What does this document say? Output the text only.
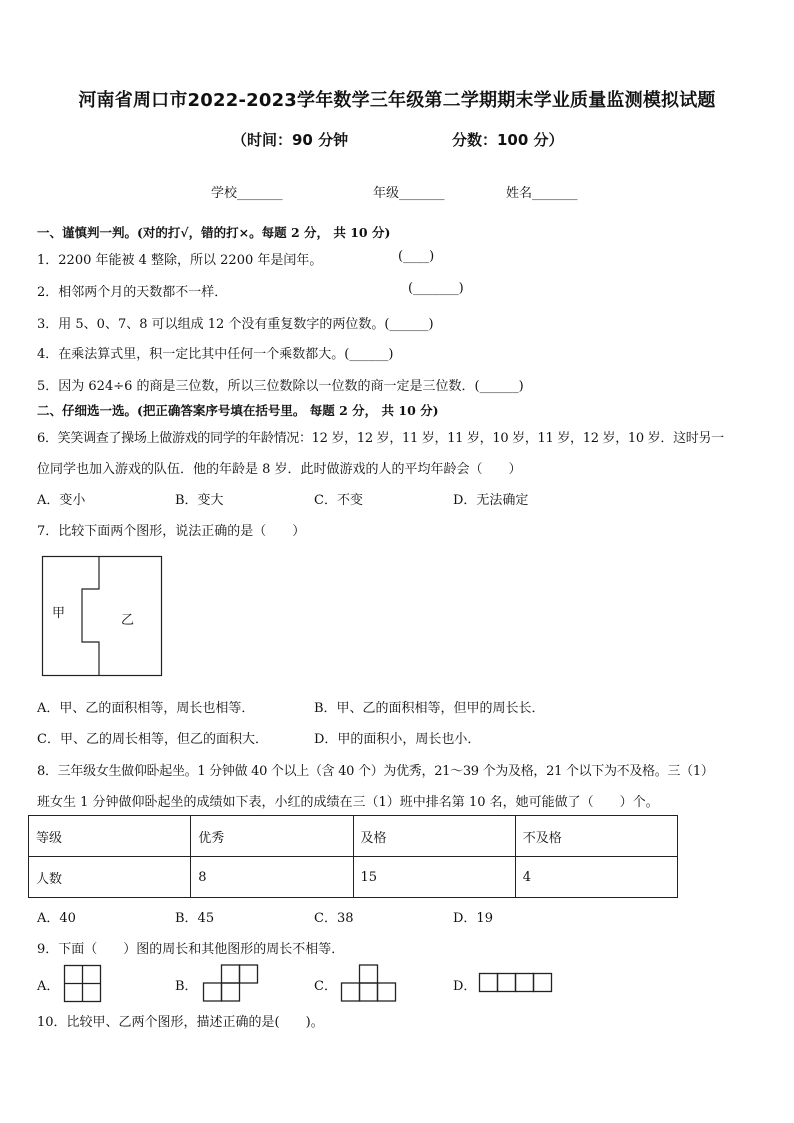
河南省周口市2022-2023学年数学三年级第二学期期末学业质量监测模拟试题
（时间：90 分钟	分数：100 分）
学校_______	年级_______	姓名_______
一、谨慎判一判。(对的打√，错的打×。每题 2 分， 共 10 分)
1．2200 年能被 4 整除，所以 2200 年是闰年。	(____)
2．相邻两个月的天数都不一样．	(_______)
3．用 5、0、7、8 可以组成 12 个没有重复数字的两位数。(______)
4．在乘法算式里，积一定比其中任何一个乘数都大。(______)
5．因为 624÷6 的商是三位数，所以三位数除以一位数的商一定是三位数．(______)
二、仔细选一选。(把正确答案序号填在括号里。 每题 2 分， 共 10 分)
6．笑笑调查了操场上做游戏的同学的年龄情况：12 岁，12 岁，11 岁，11 岁，10 岁，11 岁，12 岁，10 岁．这时另一
位同学也加入游戏的队伍．他的年龄是 8 岁．此时做游戏的人的平均年龄会（　　）
A．变小	B．变大	C．不变	D．无法确定
7．比较下面两个图形，说法正确的是（　　）
甲	乙
A．甲、乙的面积相等，周长也相等．	B．甲、乙的面积相等，但甲的周长长．
C．甲、乙的周长相等，但乙的面积大．	D．甲的面积小，周长也小．
8．三年级女生做仰卧起坐。1 分钟做 40 个以上（含 40 个）为优秀，21～39 个为及格，21 个以下为不及格。三（1）
班女生 1 分钟做仰卧起坐的成绩如下表，小红的成绩在三（1）班中排名第 10 名，她可能做了（　　）个。
等级	优秀	及格	不及格
人数	8	15	4
A．40	B．45	C．38	D．19
9．下面（　　）图的周长和其他图形的周长不相等．
A．	B．	C．	D．
10．比较甲、乙两个图形，描述正确的是(　　)。
